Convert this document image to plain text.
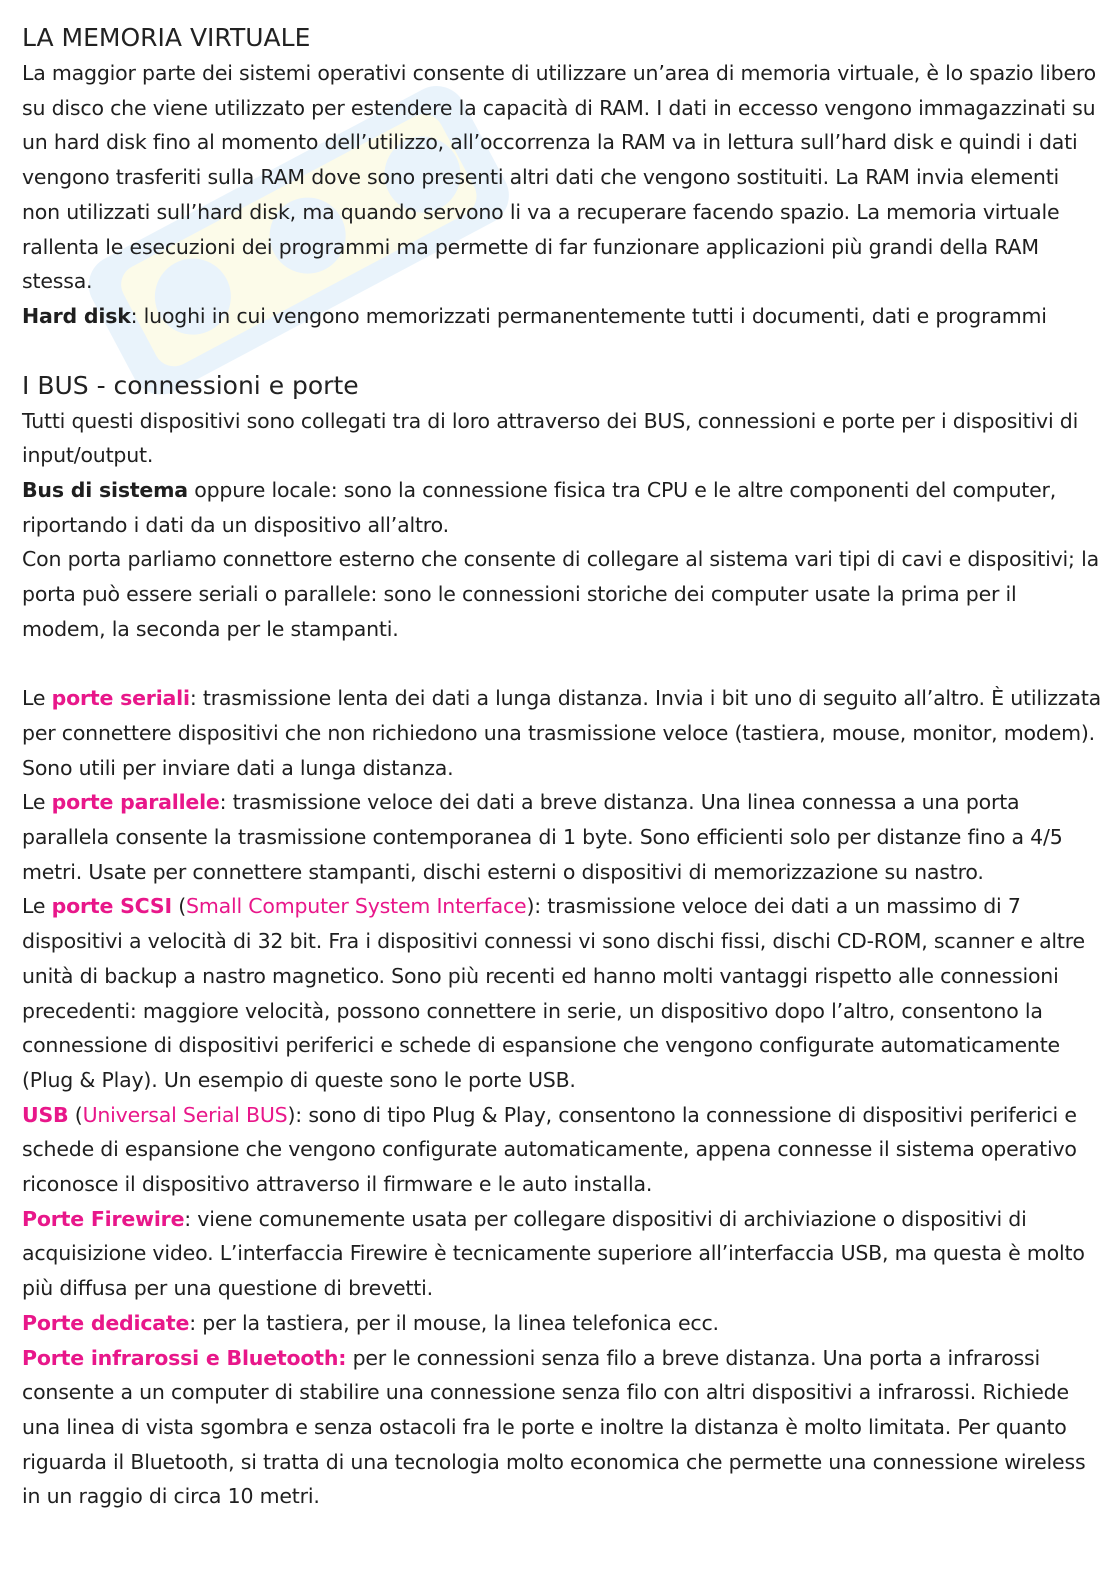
LA MEMORIA VIRTUALE

La maggior parte dei sistemi operativi consente di utilizzare un’area di memoria virtuale, è lo spazio libero su disco che viene utilizzato per estendere la capacità di RAM. I dati in eccesso vengono immagazzinati su un hard disk fino al momento dell’utilizzo, all’occorrenza la RAM va in lettura sull’hard disk e quindi i dati vengono trasferiti sulla RAM dove sono presenti altri dati che vengono sostituiti. La RAM invia elementi non utilizzati sull’hard disk, ma quando servono li va a recuperare facendo spazio. La memoria virtuale rallenta le esecuzioni dei programmi ma permette di far funzionare applicazioni più grandi della RAM stessa.

Hard disk: luoghi in cui vengono memorizzati permanentemente tutti i documenti, dati e programmi

I BUS - connessioni e porte

Tutti questi dispositivi sono collegati tra di loro attraverso dei BUS, connessioni e porte per i dispositivi di input/output.

Bus di sistema oppure locale: sono la connessione fisica tra CPU e le altre componenti del computer, riportando i dati da un dispositivo all’altro.

Con porta parliamo connettore esterno che consente di collegare al sistema vari tipi di cavi e dispositivi; la porta può essere seriali o parallele: sono le connessioni storiche dei computer usate la prima per il modem, la seconda per le stampanti.

Le porte seriali: trasmissione lenta dei dati a lunga distanza. Invia i bit uno di seguito all’altro. È utilizzata per connettere dispositivi che non richiedono una trasmissione veloce (tastiera, mouse, monitor, modem). Sono utili per inviare dati a lunga distanza.

Le porte parallele: trasmissione veloce dei dati a breve distanza. Una linea connessa a una porta parallela consente la trasmissione contemporanea di 1 byte. Sono efficienti solo per distanze fino a 4/5 metri. Usate per connettere stampanti, dischi esterni o dispositivi di memorizzazione su nastro.

Le porte SCSI (Small Computer System Interface): trasmissione veloce dei dati a un massimo di 7 dispositivi a velocità di 32 bit. Fra i dispositivi connessi vi sono dischi fissi, dischi CD-ROM, scanner e altre unità di backup a nastro magnetico. Sono più recenti ed hanno molti vantaggi rispetto alle connessioni precedenti: maggiore velocità, possono connettere in serie, un dispositivo dopo l’altro, consentono la connessione di dispositivi periferici e schede di espansione che vengono configurate automaticamente (Plug & Play). Un esempio di queste sono le porte USB.

USB (Universal Serial BUS): sono di tipo Plug & Play, consentono la connessione di dispositivi periferici e schede di espansione che vengono configurate automaticamente, appena connesse il sistema operativo riconosce il dispositivo attraverso il firmware e le auto installa.

Porte Firewire: viene comunemente usata per collegare dispositivi di archiviazione o dispositivi di acquisizione video. L’interfaccia Firewire è tecnicamente superiore all’interfaccia USB, ma questa è molto più diffusa per una questione di brevetti.

Porte dedicate: per la tastiera, per il mouse, la linea telefonica ecc.

Porte infrarossi e Bluetooth: per le connessioni senza filo a breve distanza. Una porta a infrarossi consente a un computer di stabilire una connessione senza filo con altri dispositivi a infrarossi. Richiede una linea di vista sgombra e senza ostacoli fra le porte e inoltre la distanza è molto limitata. Per quanto riguarda il Bluetooth, si tratta di una tecnologia molto economica che permette una connessione wireless in un raggio di circa 10 metri.
